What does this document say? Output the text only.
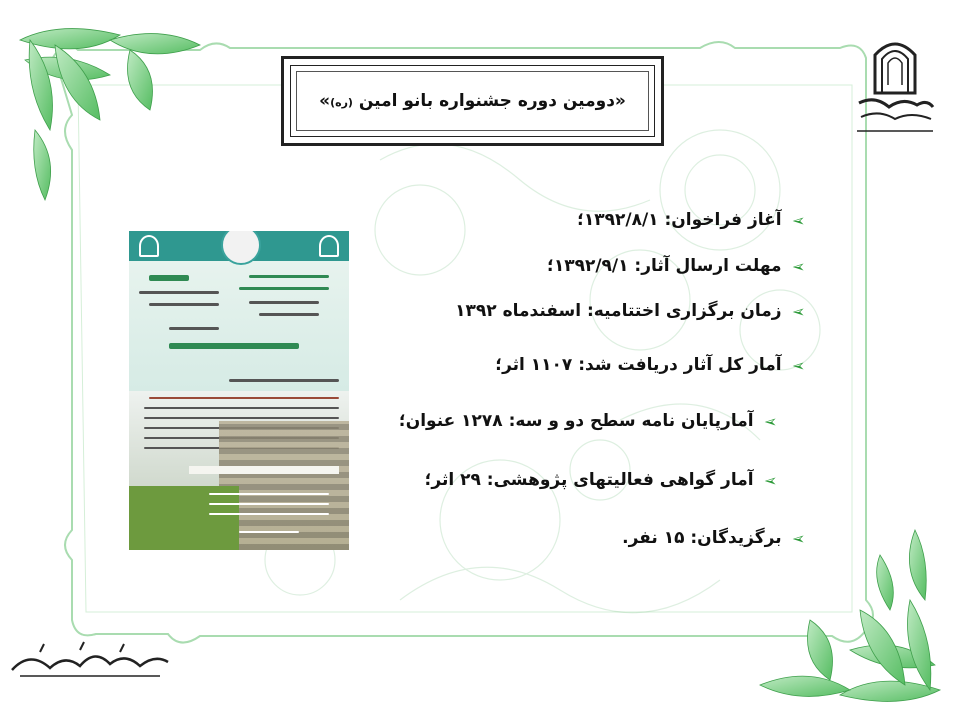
«دومین دوره جشنواره بانو امین (ره)»
➢
آغاز فراخوان: ۱۳۹۲/۸/۱؛
➢
مهلت ارسال آثار: ۱۳۹۲/۹/۱؛
➢
زمان برگزاری اختتامیه: اسفندماه ۱۳۹۲
➢
آمار کل آثار دریافت شد: ۱۱۰۷ اثر؛
➢
آمارپایان نامه سطح دو و سه: ۱۲۷۸ عنوان؛
➢
آمار گواهی فعالیتهای پژوهشی: ۲۹ اثر؛
➢
برگزیدگان: ۱۵ نفر.
